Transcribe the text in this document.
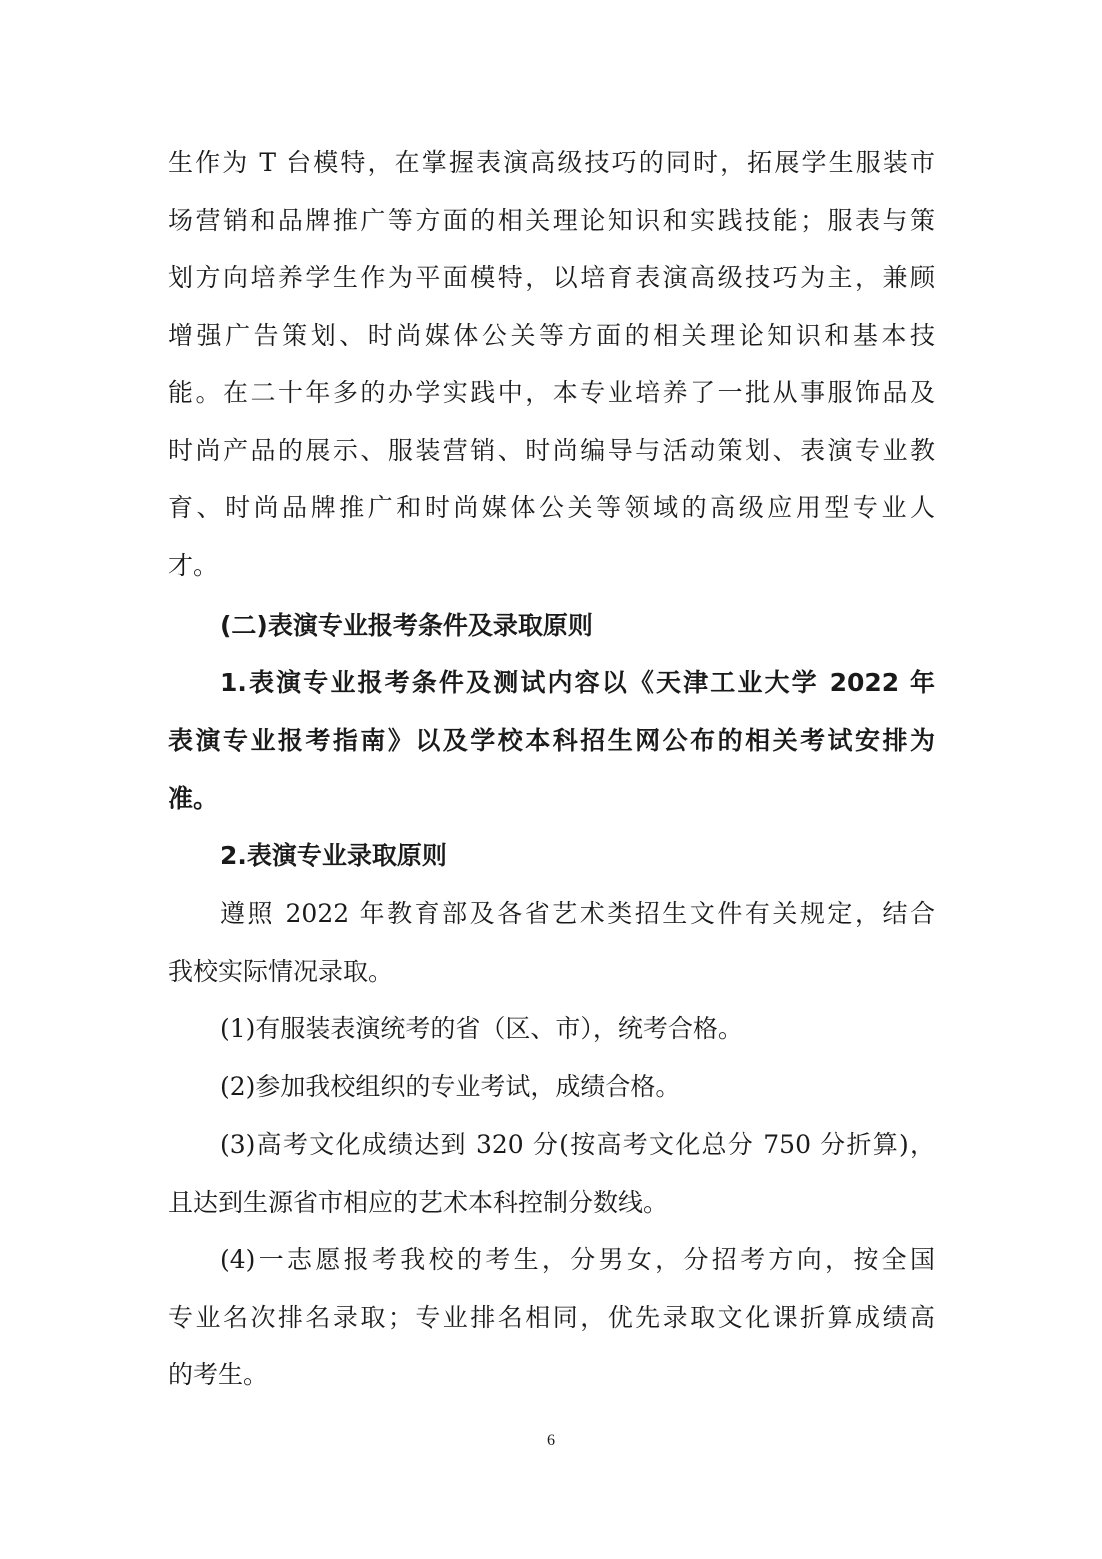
生作为 T 台模特，在掌握表演高级技巧的同时，拓展学生服装市
场营销和品牌推广等方面的相关理论知识和实践技能；服表与策
划方向培养学生作为平面模特，以培育表演高级技巧为主，兼顾
增强广告策划、时尚媒体公关等方面的相关理论知识和基本技
能。在二十年多的办学实践中，本专业培养了一批从事服饰品及
时尚产品的展示、服装营销、时尚编导与活动策划、表演专业教
育、时尚品牌推广和时尚媒体公关等领域的高级应用型专业人
才。
(二)表演专业报考条件及录取原则
1.表演专业报考条件及测试内容以《天津工业大学 2022 年
表演专业报考指南》以及学校本科招生网公布的相关考试安排为
准。
2.表演专业录取原则
遵照 2022 年教育部及各省艺术类招生文件有关规定，结合
我校实际情况录取。
(1)有服装表演统考的省（区、市），统考合格。
(2)参加我校组织的专业考试，成绩合格。
(3)高考文化成绩达到 320 分(按高考文化总分 750 分折算)，
且达到生源省市相应的艺术本科控制分数线。
(4)一志愿报考我校的考生，分男女，分招考方向，按全国
专业名次排名录取；专业排名相同，优先录取文化课折算成绩高
的考生。
6
